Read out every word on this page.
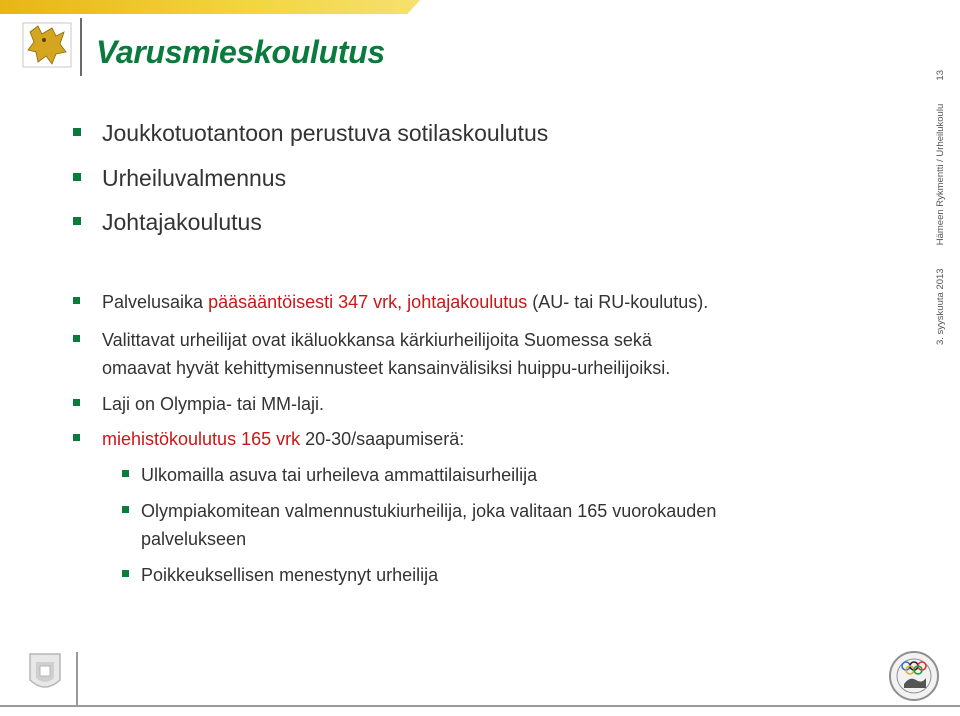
Varusmieskoulutus
Joukkotuotantoon perustuva sotilaskoulutus
Urheiluvalmennus
Johtajakoulutus
Palvelusaika pääsääntöisesti 347 vrk, johtajakoulutus (AU- tai RU-koulutus).
Valittavat urheilijat ovat ikäluokkansa kärkiurheilijoita Suomessa sekä
omaavat hyvät kehittymisennusteet kansainvälisiksi huippu-urheilijoiksi.
Laji on Olympia- tai MM-laji.
miehistökoulutus 165 vrk 20-30/saapumiserä:
Ulkomailla asuva tai urheileva ammattilaisurheilija
Olympiakomitean valmennustukiurheilija, joka valitaan 165 vuorokauden
palvelukseen
Poikkeuksellisen menestynyt urheilija
3. syyskuuta 2013
Hämeen Rykmentti / Urheilukoulu
13
